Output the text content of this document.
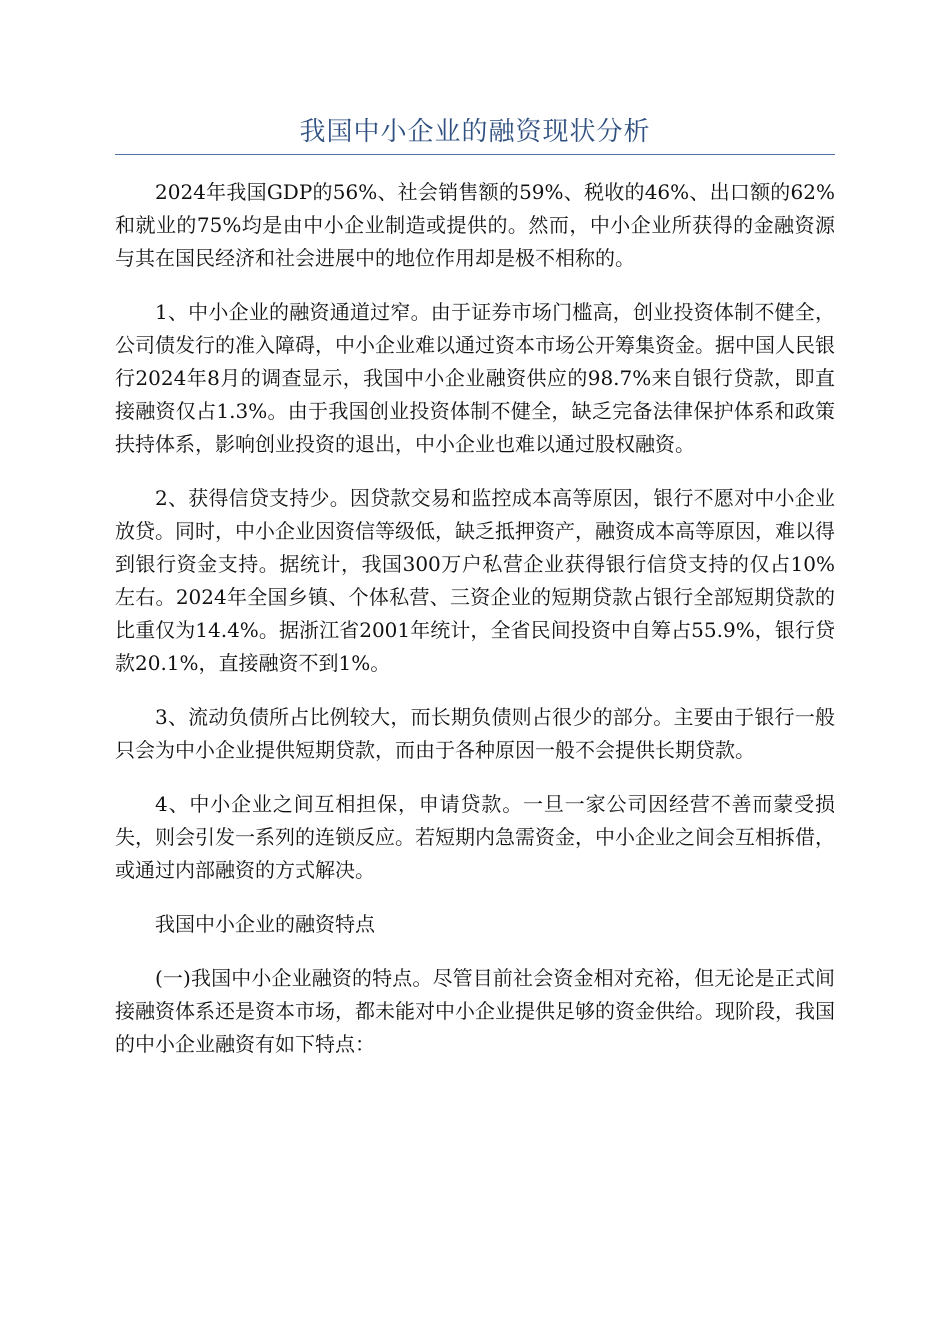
我国中小企业的融资现状分析

2024年我国GDP的56%、社会销售额的59%、税收的46%、出口额的62%和就业的75%均是由中小企业制造或提供的。然而，中小企业所获得的金融资源与其在国民经济和社会进展中的地位作用却是极不相称的。

1、中小企业的融资通道过窄。由于证券市场门槛高，创业投资体制不健全，公司债发行的准入障碍，中小企业难以通过资本市场公开筹集资金。据中国人民银行2024年8月的调查显示，我国中小企业融资供应的98.7%来自银行贷款，即直接融资仅占1.3%。由于我国创业投资体制不健全，缺乏完备法律保护体系和政策扶持体系，影响创业投资的退出，中小企业也难以通过股权融资。

2、获得信贷支持少。因贷款交易和监控成本高等原因，银行不愿对中小企业放贷。同时，中小企业因资信等级低，缺乏抵押资产，融资成本高等原因，难以得到银行资金支持。据统计，我国300万户私营企业获得银行信贷支持的仅占10%左右。2024年全国乡镇、个体私营、三资企业的短期贷款占银行全部短期贷款的比重仅为14.4%。据浙江省2001年统计，全省民间投资中自筹占55.9%，银行贷款20.1%，直接融资不到1%。

3、流动负债所占比例较大，而长期负债则占很少的部分。主要由于银行一般只会为中小企业提供短期贷款，而由于各种原因一般不会提供长期贷款。

4、中小企业之间互相担保，申请贷款。一旦一家公司因经营不善而蒙受损失，则会引发一系列的连锁反应。若短期内急需资金，中小企业之间会互相拆借，或通过内部融资的方式解决。

我国中小企业的融资特点

(一)我国中小企业融资的特点。尽管目前社会资金相对充裕，但无论是正式间接融资体系还是资本市场，都未能对中小企业提供足够的资金供给。现阶段，我国的中小企业融资有如下特点：
